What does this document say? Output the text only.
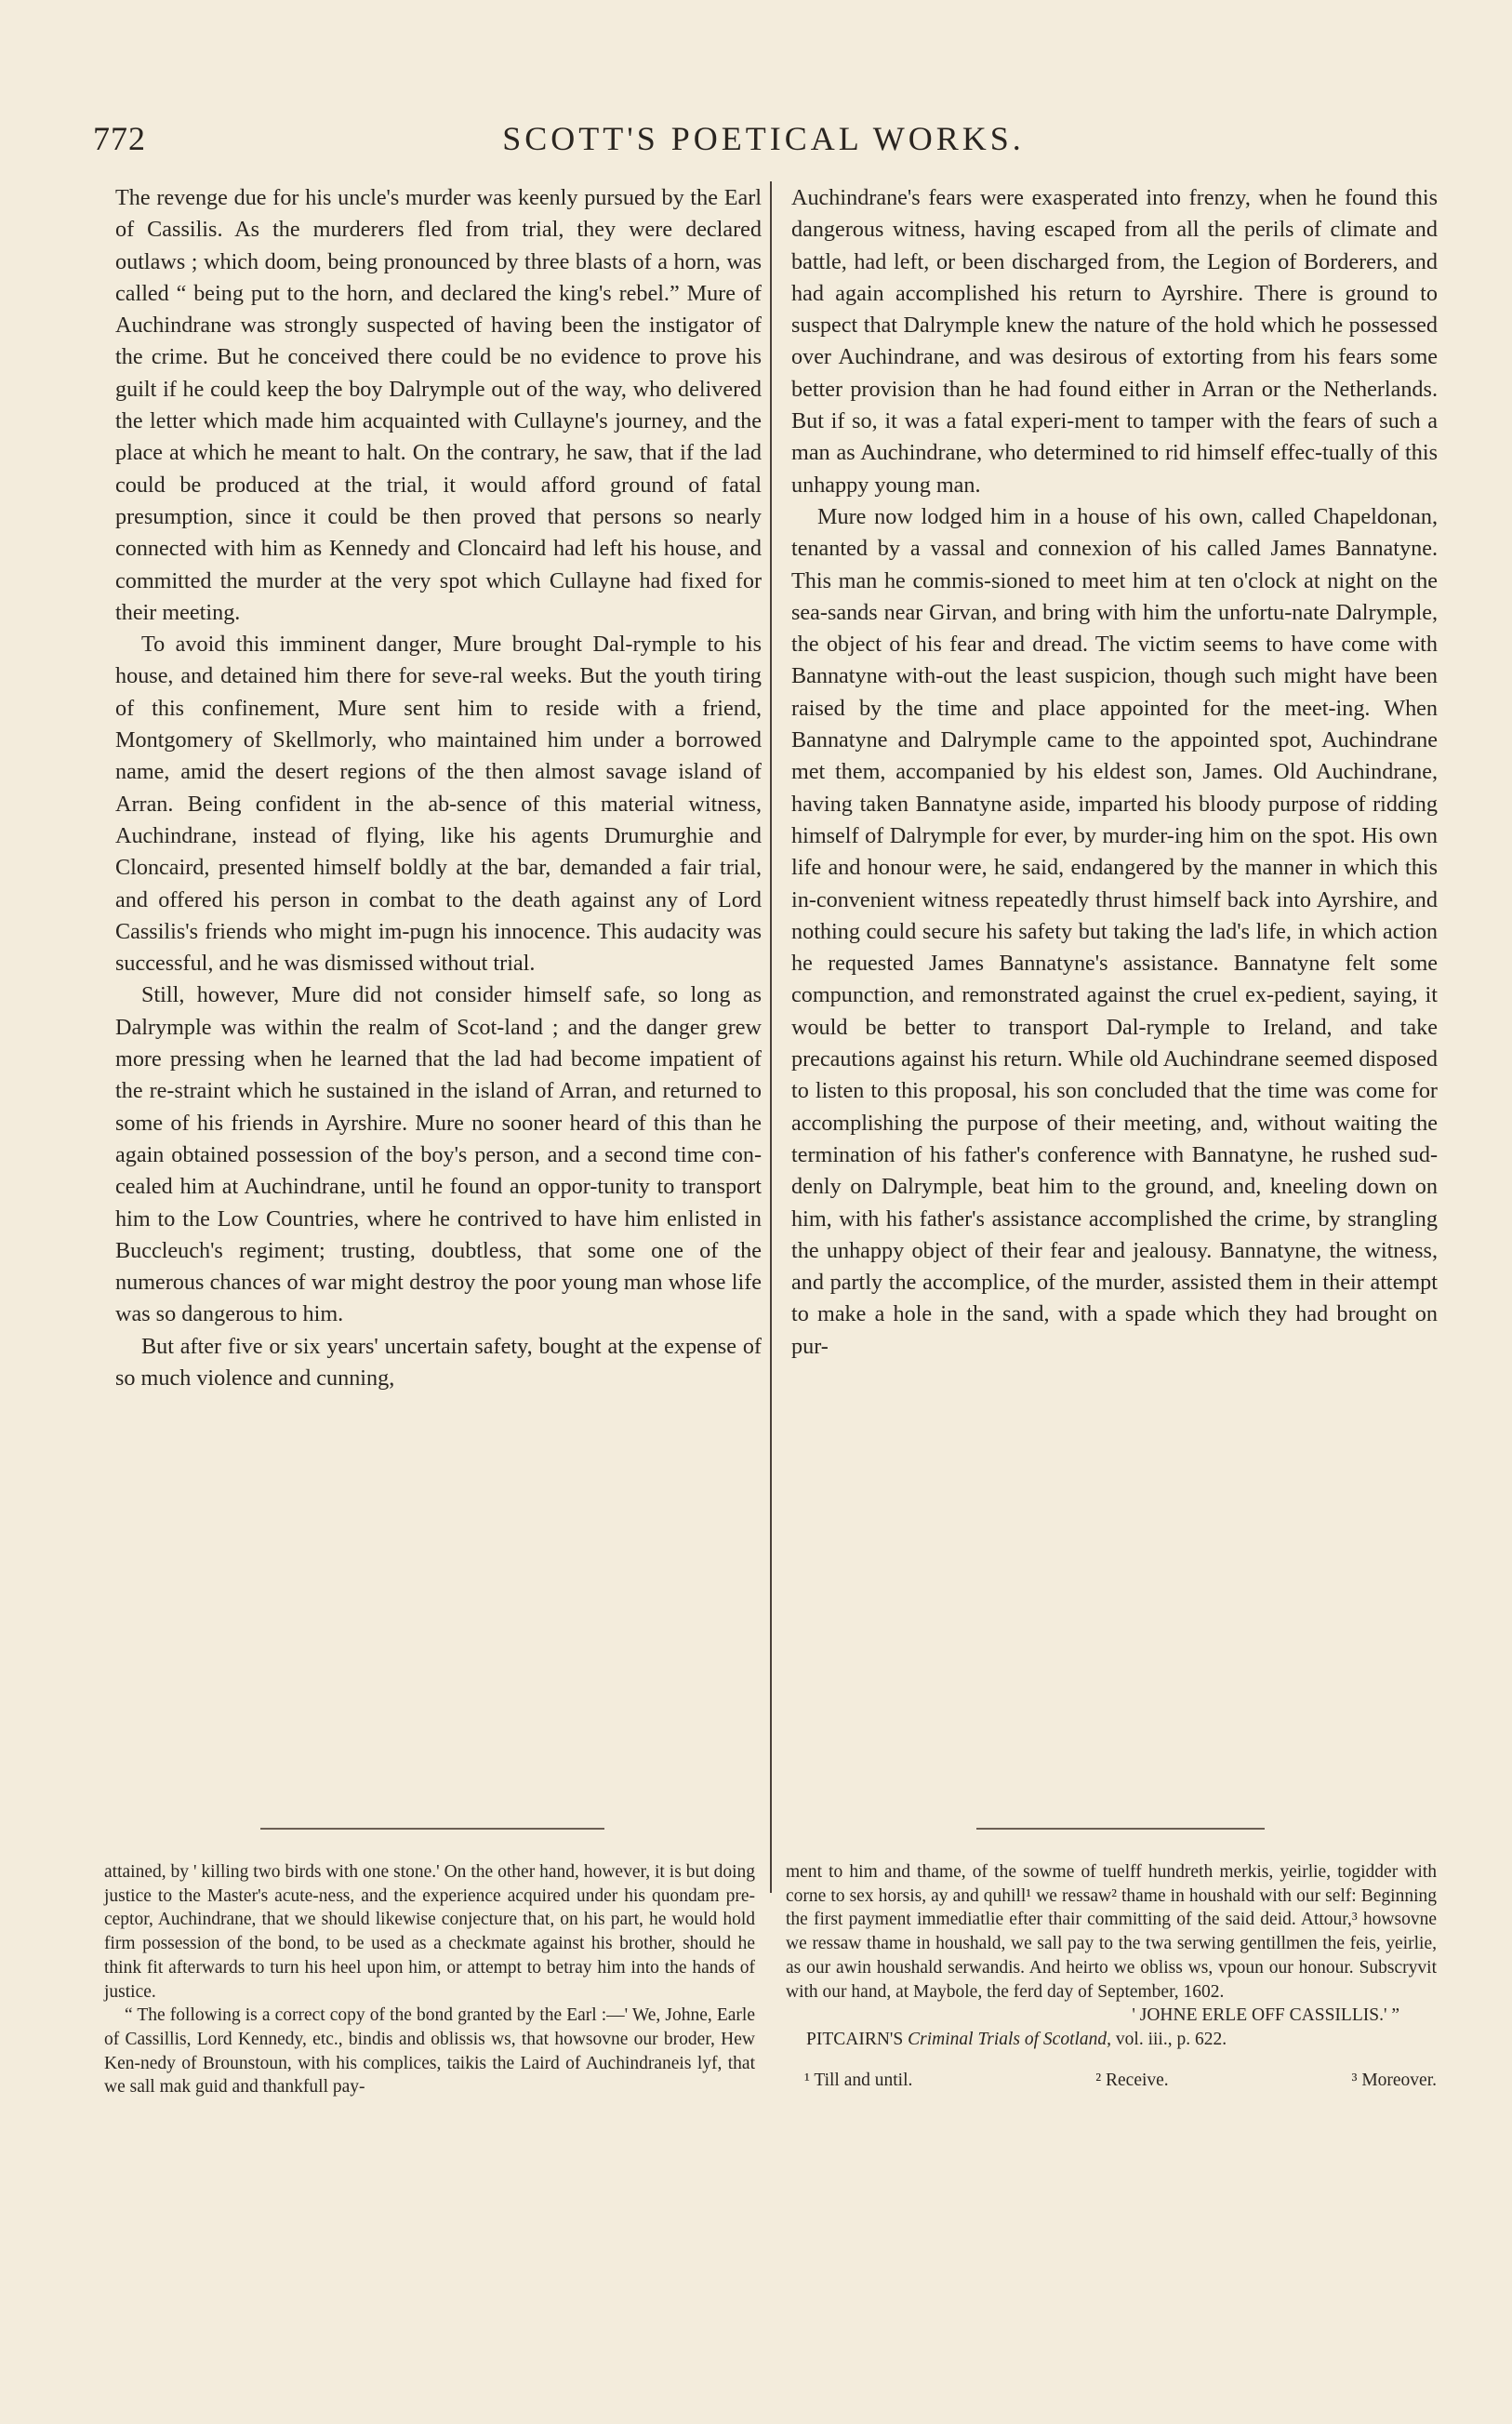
772	SCOTT'S POETICAL WORKS.

The revenge due for his uncle's murder was keenly pursued by the Earl of Cassilis. As the murderers fled from trial, they were declared outlaws ; which doom, being pronounced by three blasts of a horn, was called “ being put to the horn, and declared the king's rebel.” Mure of Auchindrane was strongly suspected of having been the instigator of the crime. But he conceived there could be no evidence to prove his guilt if he could keep the boy Dalrymple out of the way, who delivered the letter which made him acquainted with Cullayne's journey, and the place at which he meant to halt. On the contrary, he saw, that if the lad could be produced at the trial, it would afford ground of fatal presumption, since it could be then proved that persons so nearly connected with him as Kennedy and Cloncaird had left his house, and committed the murder at the very spot which Cullayne had fixed for their meeting.

To avoid this imminent danger, Mure brought Dal-rymple to his house, and detained him there for seve-ral weeks. But the youth tiring of this confinement, Mure sent him to reside with a friend, Montgomery of Skellmorly, who maintained him under a borrowed name, amid the desert regions of the then almost savage island of Arran. Being confident in the ab-sence of this material witness, Auchindrane, instead of flying, like his agents Drumurghie and Cloncaird, presented himself boldly at the bar, demanded a fair trial, and offered his person in combat to the death against any of Lord Cassilis's friends who might im-pugn his innocence. This audacity was successful, and he was dismissed without trial.

Still, however, Mure did not consider himself safe, so long as Dalrymple was within the realm of Scot-land ; and the danger grew more pressing when he learned that the lad had become impatient of the re-straint which he sustained in the island of Arran, and returned to some of his friends in Ayrshire. Mure no sooner heard of this than he again obtained possession of the boy's person, and a second time con-cealed him at Auchindrane, until he found an oppor-tunity to transport him to the Low Countries, where he contrived to have him enlisted in Buccleuch's regiment; trusting, doubtless, that some one of the numerous chances of war might destroy the poor young man whose life was so dangerous to him.

But after five or six years' uncertain safety, bought at the expense of so much violence and cunning,

Auchindrane's fears were exasperated into frenzy, when he found this dangerous witness, having escaped from all the perils of climate and battle, had left, or been discharged from, the Legion of Borderers, and had again accomplished his return to Ayrshire. There is ground to suspect that Dalrymple knew the nature of the hold which he possessed over Auchindrane, and was desirous of extorting from his fears some better provision than he had found either in Arran or the Netherlands. But if so, it was a fatal experi-ment to tamper with the fears of such a man as Auchindrane, who determined to rid himself effec-tually of this unhappy young man.

Mure now lodged him in a house of his own, called Chapeldonan, tenanted by a vassal and connexion of his called James Bannatyne. This man he commis-sioned to meet him at ten o'clock at night on the sea-sands near Girvan, and bring with him the unfortu-nate Dalrymple, the object of his fear and dread. The victim seems to have come with Bannatyne with-out the least suspicion, though such might have been raised by the time and place appointed for the meet-ing. When Bannatyne and Dalrymple came to the appointed spot, Auchindrane met them, accompanied by his eldest son, James. Old Auchindrane, having taken Bannatyne aside, imparted his bloody purpose of ridding himself of Dalrymple for ever, by murder-ing him on the spot. His own life and honour were, he said, endangered by the manner in which this in-convenient witness repeatedly thrust himself back into Ayrshire, and nothing could secure his safety but taking the lad's life, in which action he requested James Bannatyne's assistance. Bannatyne felt some compunction, and remonstrated against the cruel ex-pedient, saying, it would be better to transport Dal-rymple to Ireland, and take precautions against his return. While old Auchindrane seemed disposed to listen to this proposal, his son concluded that the time was come for accomplishing the purpose of their meeting, and, without waiting the termination of his father's conference with Bannatyne, he rushed sud-denly on Dalrymple, beat him to the ground, and, kneeling down on him, with his father's assistance accomplished the crime, by strangling the unhappy object of their fear and jealousy. Bannatyne, the witness, and partly the accomplice, of the murder, assisted them in their attempt to make a hole in the sand, with a spade which they had brought on pur-

attained, by ' killing two birds with one stone.' On the other hand, however, it is but doing justice to the Master's acute-ness, and the experience acquired under his quondam pre-ceptor, Auchindrane, that we should likewise conjecture that, on his part, he would hold firm possession of the bond, to be used as a checkmate against his brother, should he think fit afterwards to turn his heel upon him, or attempt to betray him into the hands of justice.

“ The following is a correct copy of the bond granted by the Earl :—' We, Johne, Earle of Cassillis, Lord Kennedy, etc., bindis and oblissis ws, that howsovne our broder, Hew Ken-nedy of Brounstoun, with his complices, taikis the Laird of Auchindraneis lyf, that we sall mak guid and thankfull pay-

ment to him and thame, of the sowme of tuelff hundreth merkis, yeirlie, togidder with corne to sex horsis, ay and quhill¹ we ressaw² thame in houshald with our self: Beginning the first payment immediatlie efter thair committing of the said deid. Attour,³ howsovne we ressaw thame in houshald, we sall pay to the twa serwing gentillmen the feis, yeirlie, as our awin houshald serwandis. And heirto we obliss ws, vpoun our honour. Subscryvit with our hand, at Maybole, the ferd day of September, 1602.

' JOHNE ERLE OFF CASSILLIS.' ”

PITCAIRN'S Criminal Trials of Scotland, vol. iii., p. 622.

¹ Till and until.	² Receive.	³ Moreover.
